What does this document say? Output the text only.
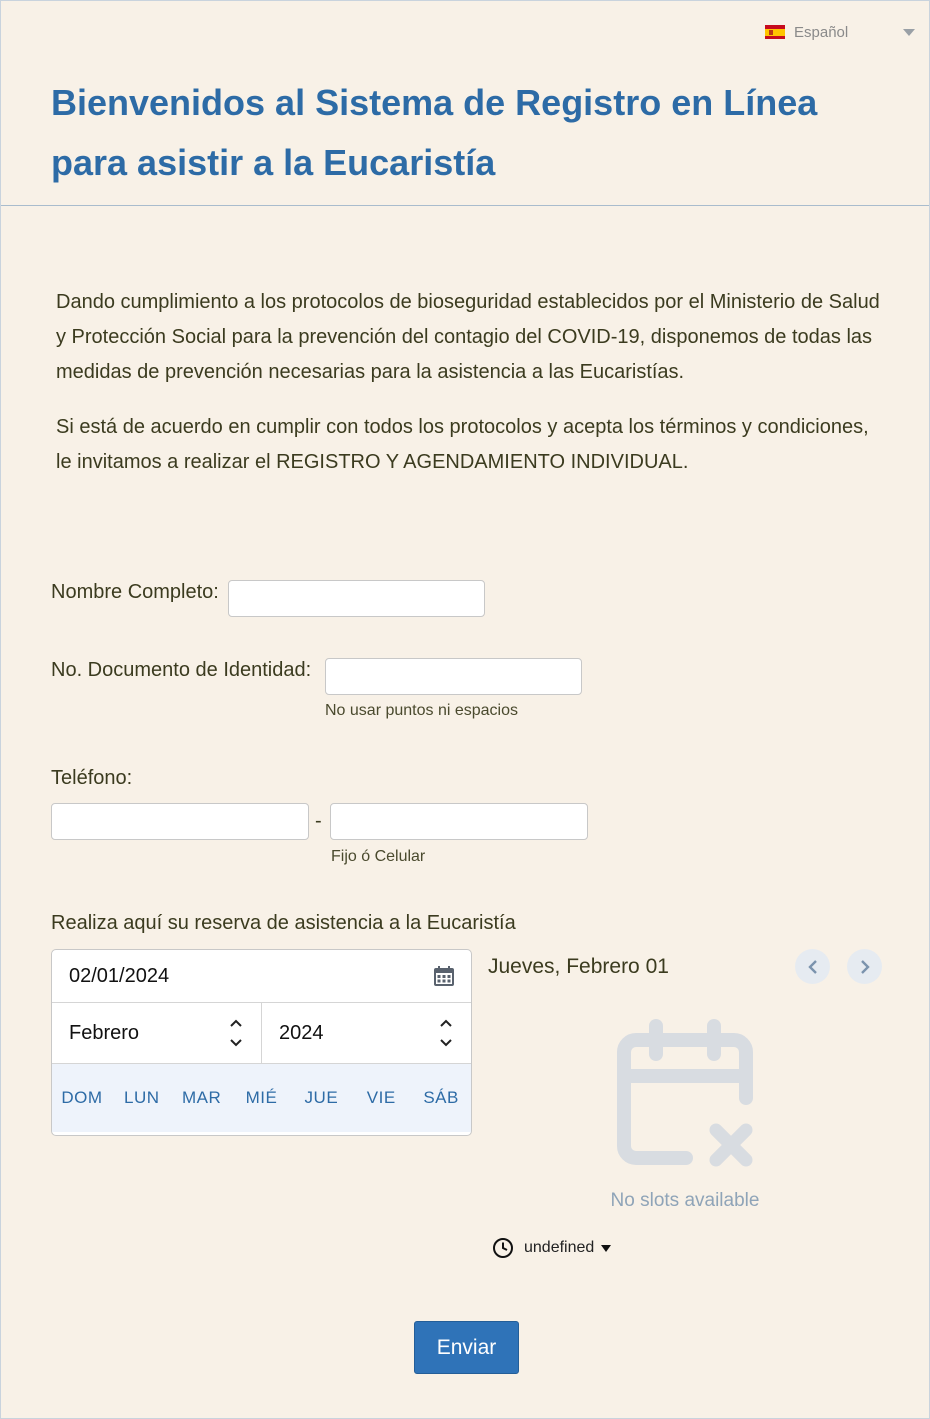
Español
Bienvenidos al Sistema de Registro en Línea para asistir a la Eucaristía

Dando cumplimiento a los protocolos de bioseguridad establecidos por el Ministerio de Salud y Protección Social para la prevención del contagio del COVID-19, disponemos de todas las medidas de prevención necesarias para la asistencia a las Eucaristías.

Si está de acuerdo en cumplir con todos los protocolos y acepta los términos y condiciones, le invitamos a realizar el REGISTRO Y AGENDAMIENTO INDIVIDUAL.

Nombre Completo:
No. Documento de Identidad:
No usar puntos ni espacios
Teléfono:
-
Fijo ó Celular
Realiza aquí su reserva de asistencia a la Eucaristía
02/01/2024
Febrero	2024
DOM	LUN	MAR	MIÉ	JUE	VIE	SÁB
Jueves, Febrero 01
No slots available
undefined
Enviar
